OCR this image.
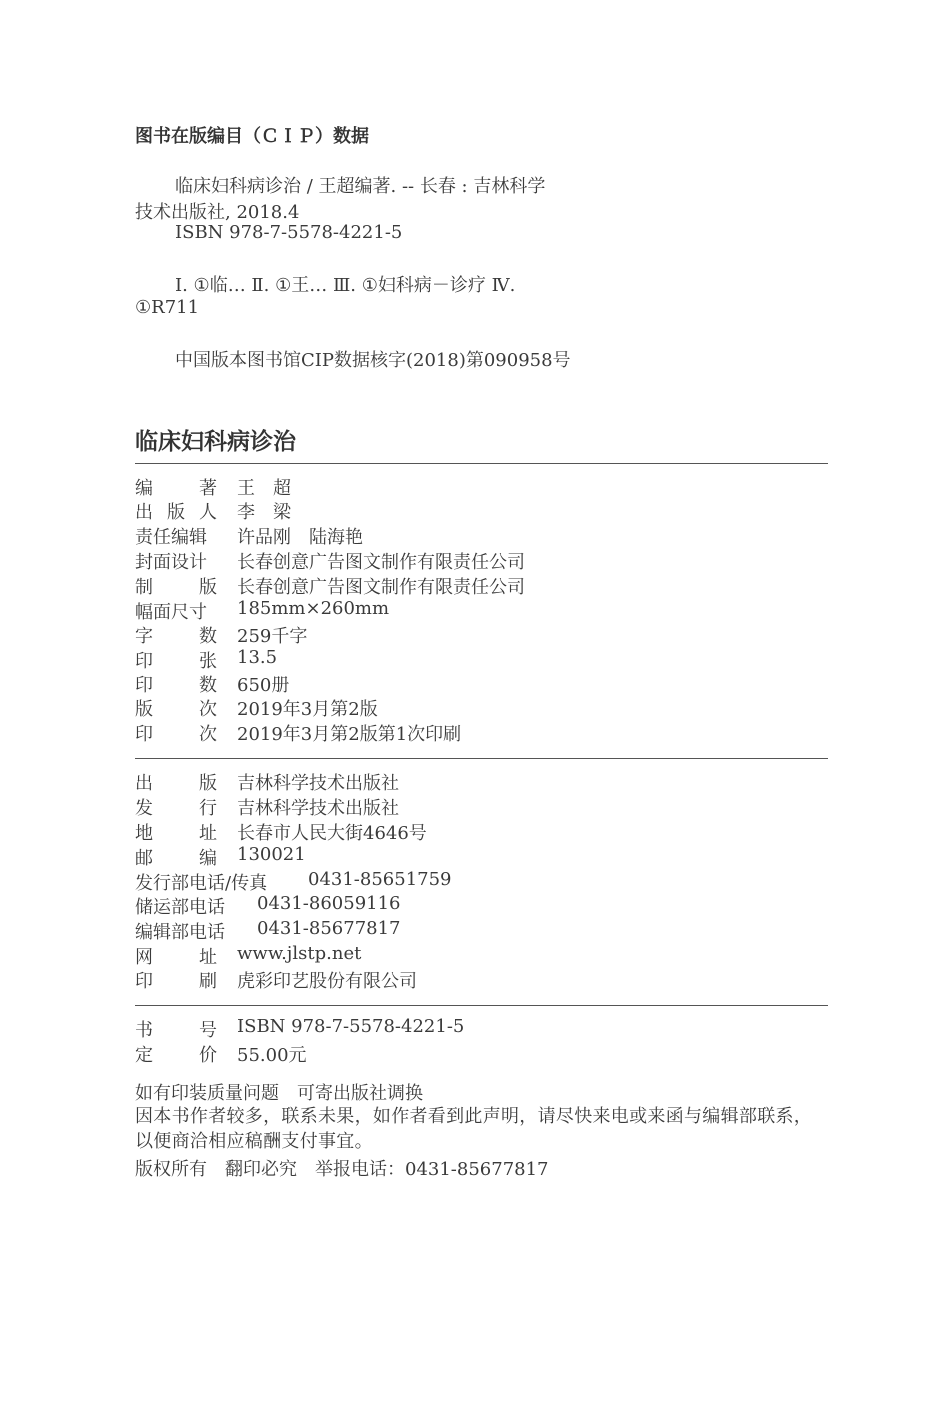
图书在版编目（ＣＩＰ）数据
临床妇科病诊治 / 王超编著. -- 长春 : 吉林科学
技术出版社, 2018.4
ISBN 978-7-5578-4221-5
Ⅰ. ①临… Ⅱ. ①王… Ⅲ. ①妇科病－诊疗 Ⅳ.
①R711
中国版本图书馆CIP数据核字(2018)第090958号
临床妇科病诊治
编	著 王　超
出 版 人 李　梁
责任编辑	许品刚　陆海艳
封面设计	长春创意广告图文制作有限责任公司
制	版 长春创意广告图文制作有限责任公司
幅面尺寸	185mm×260mm
字	数 259千字
印	张 13.5
印	数 650册
版	次 2019年3月第2版
印	次 2019年3月第2版第1次印刷
出	版 吉林科学技术出版社
发	行 吉林科学技术出版社
地	址 长春市人民大街4646号
邮	编 130021
发行部电话/传真 0431-85651759
储运部电话 0431-86059116
编辑部电话 0431-85677817
网	址 www.jlstp.net
印	刷 虎彩印艺股份有限公司
书	号 ISBN 978-7-5578-4221-5
定	价 55.00元
如有印装质量问题　可寄出版社调换
因本书作者较多，联系未果，如作者看到此声明，请尽快来电或来函与编辑部联系，以便商洽相应稿酬支付事宜。
版权所有　翻印必究　举报电话：0431-85677817
